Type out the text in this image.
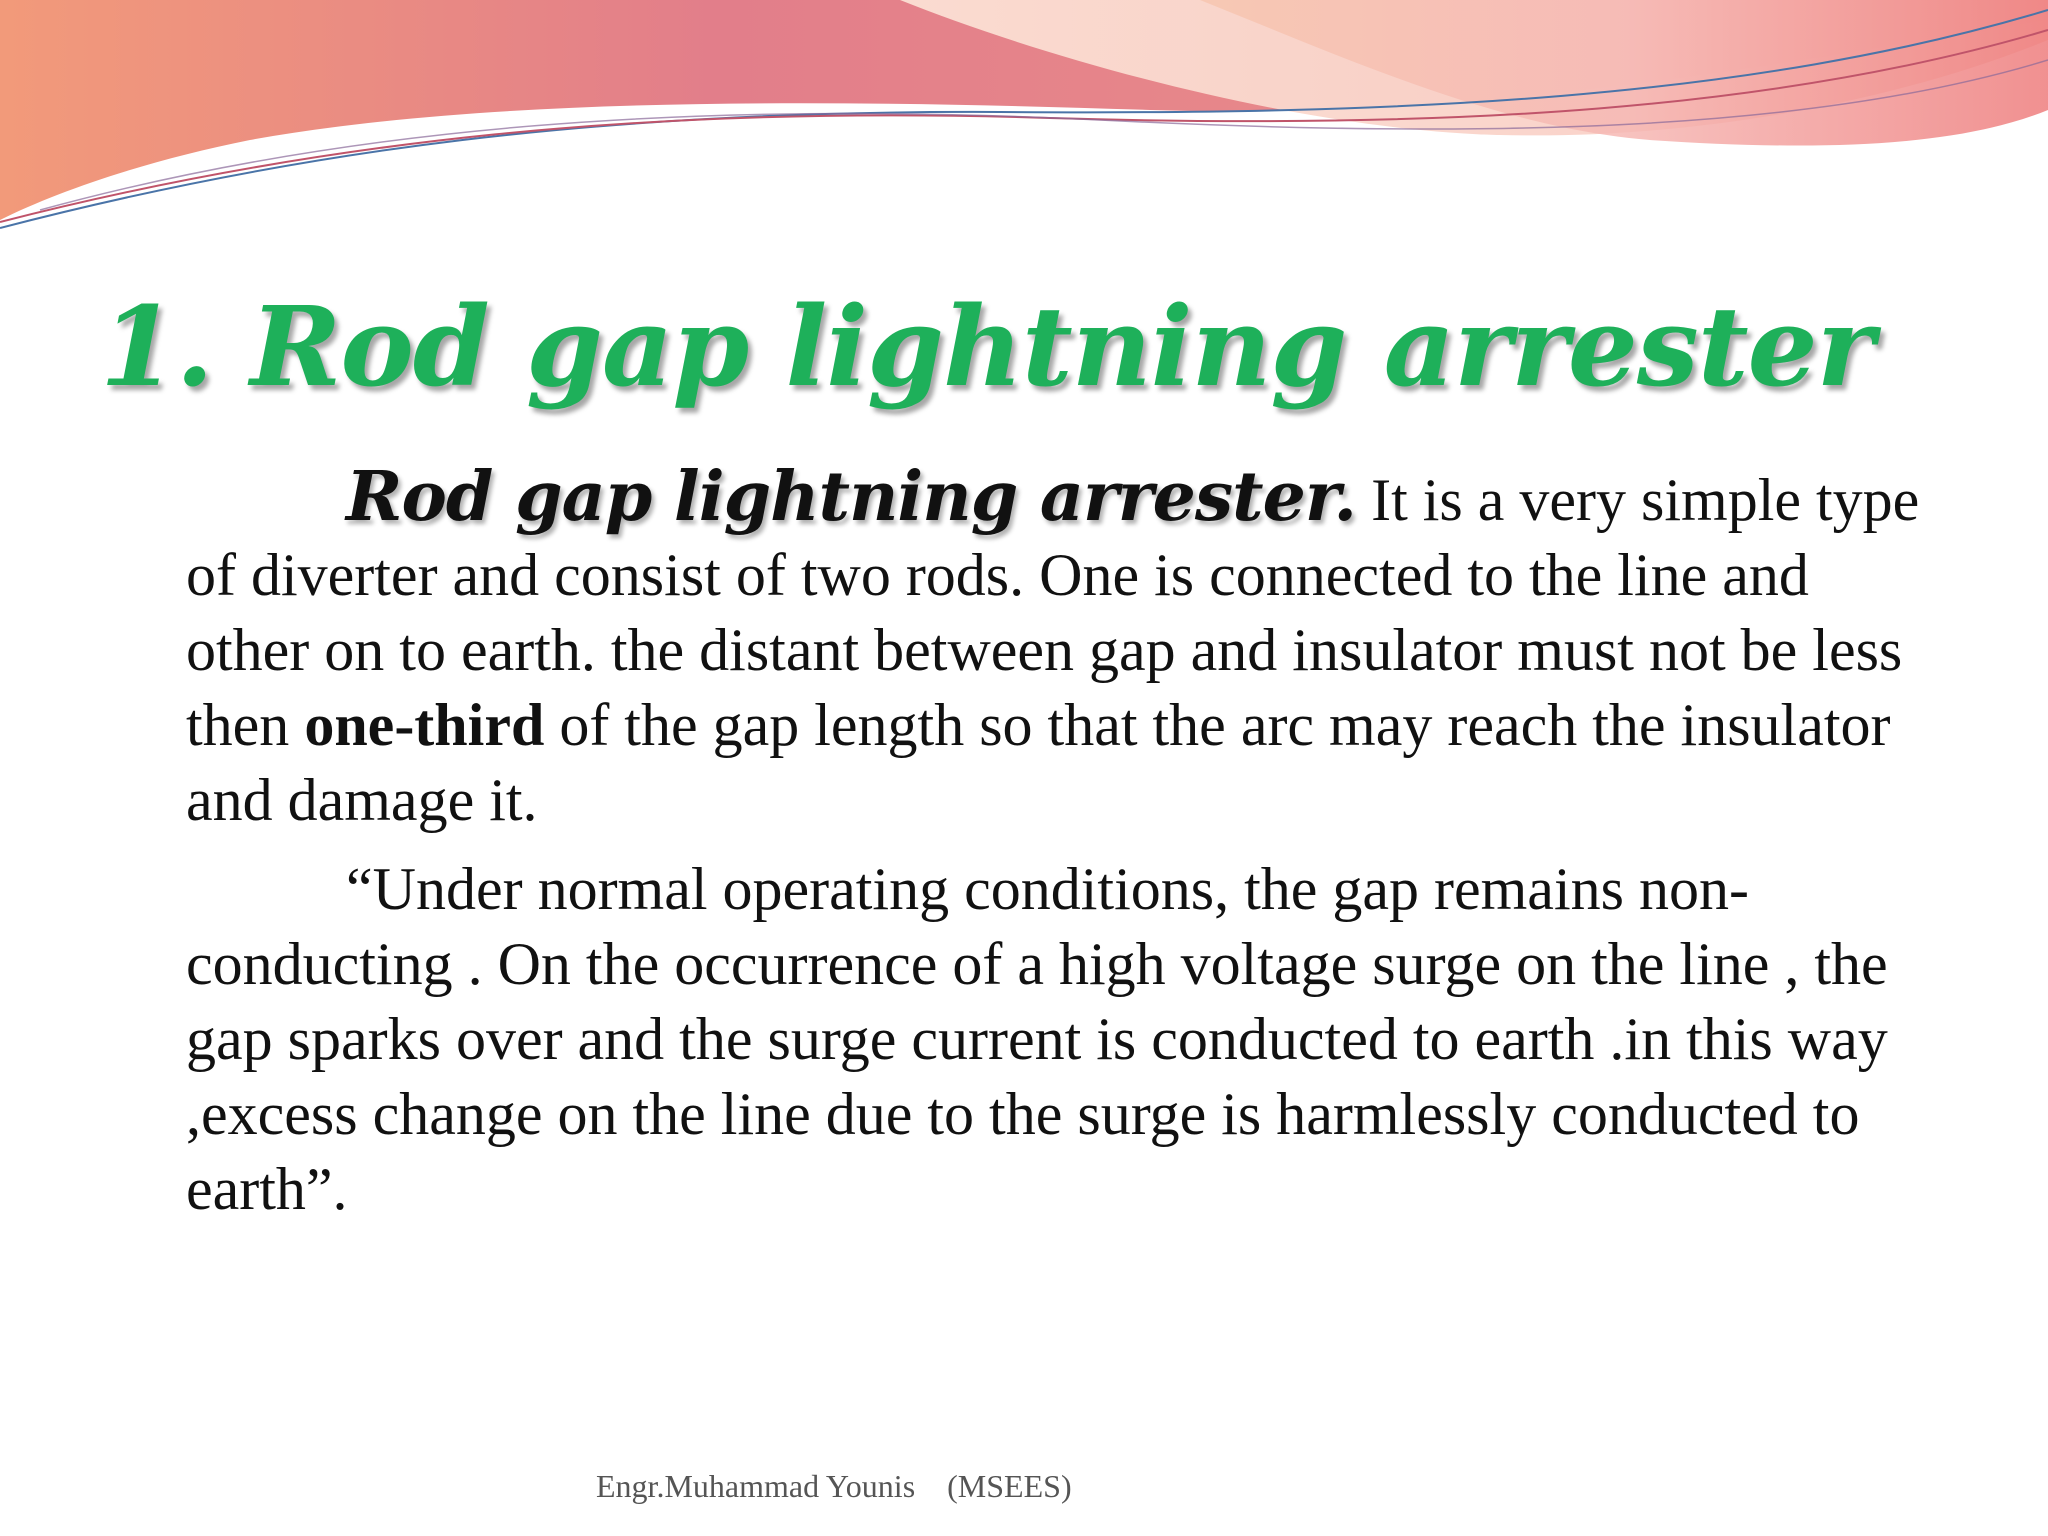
1. Rod gap lightning arrester

Rod gap lightning arrester. It is a very simple type of diverter and consist of two rods. One is connected to the line and other on to earth. the distant between gap and insulator must not be less then one-third of the gap length so that the arc may reach the insulator and damage it.

“Under normal operating conditions, the gap remains non-conducting . On the occurrence of a high voltage surge on the line , the gap sparks over and the surge current is conducted to earth .in this way ,excess change on the line due to the surge is harmlessly conducted to earth”.

Engr.Muhammad Younis (MSEES)
